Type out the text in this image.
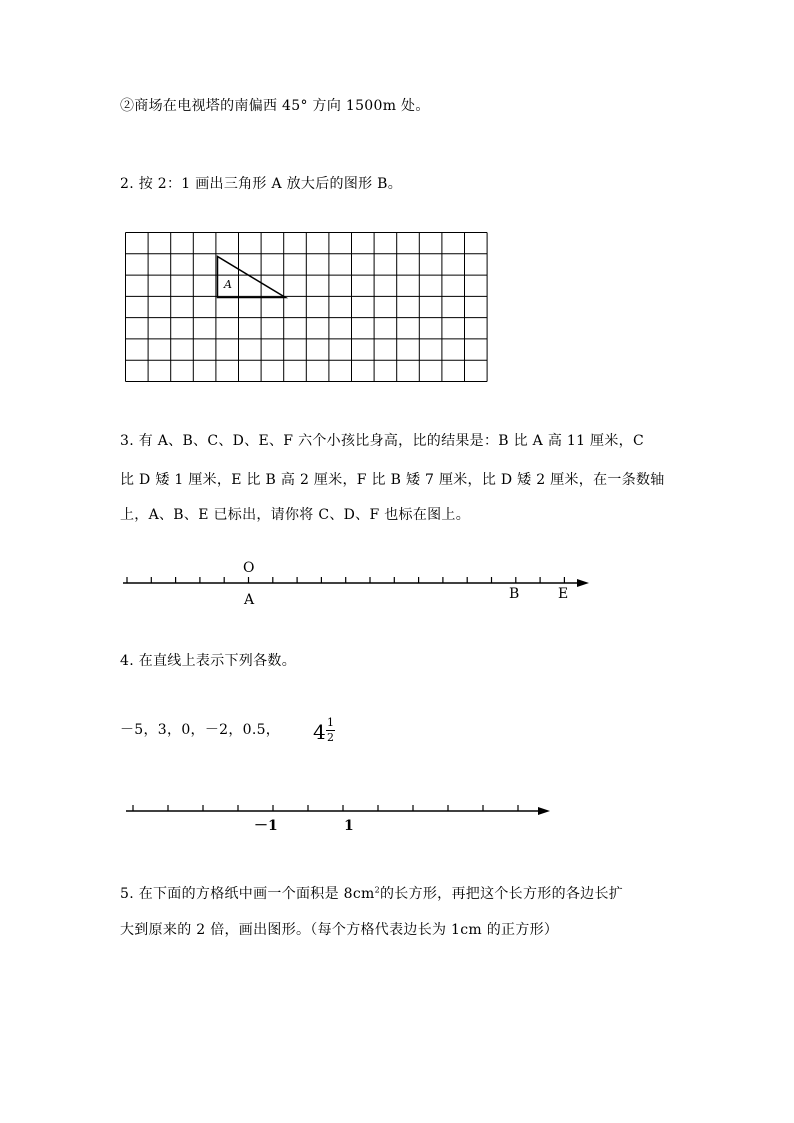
②商场在电视塔的南偏西 45° 方向 1500m 处。
2. 按 2：1 画出三角形 A 放大后的图形 B。
A
3. 有 A、B、C、D、E、F 六个小孩比身高，比的结果是：B 比 A 高 11 厘米，C
比 D 矮 1 厘米，E 比 B 高 2 厘米，F 比 B 矮 7 厘米，比 D 矮 2 厘米，在一条数轴
上，A、B、E 已标出，请你将 C、D、F 也标在图上。
O
A	B	E
4. 在直线上表示下列各数。
－5，3，0，－2，0.5， 4 1
2
－1	1
5. 在下面的方格纸中画一个面积是 $8cm^2$的长方形，再把这个长方形的各边长扩
大到原来的 2 倍，画出图形。（每个方格代表边长为 1cm 的正方形）
